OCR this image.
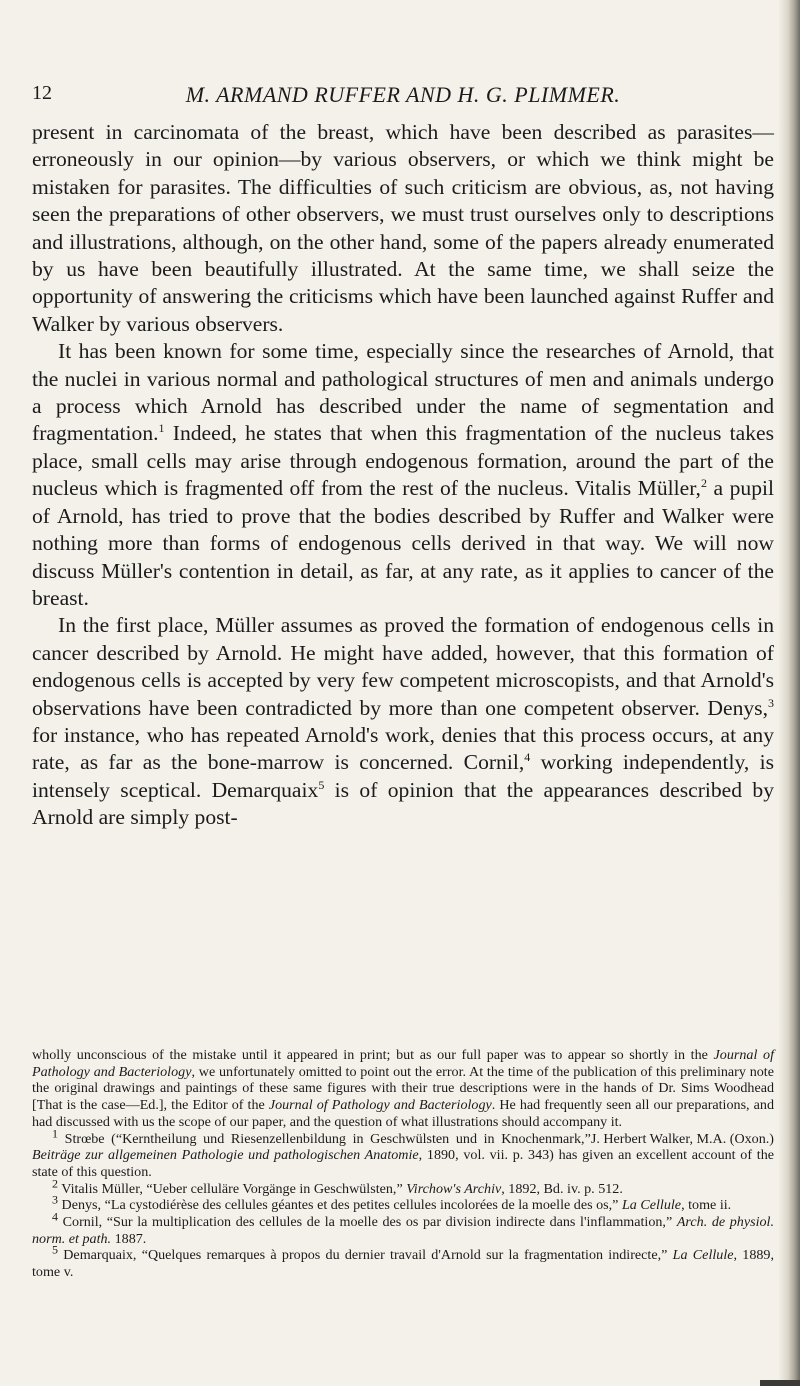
12	M. ARMAND RUFFER AND H. G. PLIMMER.

present in carcinomata of the breast, which have been described as parasites—erroneously in our opinion—by various observers, or which we think might be mistaken for parasites. The difficulties of such criticism are obvious, as, not having seen the preparations of other observers, we must trust ourselves only to descriptions and illustrations, although, on the other hand, some of the papers already enumerated by us have been beautifully illustrated. At the same time, we shall seize the opportunity of answering the criticisms which have been launched against Ruffer and Walker by various observers.

It has been known for some time, especially since the researches of Arnold, that the nuclei in various normal and pathological structures of men and animals undergo a process which Arnold has described under the name of segmentation and fragmentation.$^1$ Indeed, he states that when this fragmentation of the nucleus takes place, small cells may arise through endogenous formation, around the part of the nucleus which is fragmented off from the rest of the nucleus. Vitalis Müller,$^2$ a pupil of Arnold, has tried to prove that the bodies described by Ruffer and Walker were nothing more than forms of endogenous cells derived in that way. We will now discuss Müller's contention in detail, as far, at any rate, as it applies to cancer of the breast.

In the first place, Müller assumes as proved the formation of endogenous cells in cancer described by Arnold. He might have added, however, that this formation of endogenous cells is accepted by very few competent microscopists, and that Arnold's observations have been contradicted by more than one competent observer. Denys,$^3$ for instance, who has repeated Arnold's work, denies that this process occurs, at any rate, as far as the bone-marrow is concerned. Cornil,$^4$ working independently, is intensely sceptical. Demarquaix$^5$ is of opinion that the appearances described by Arnold are simply post-

wholly unconscious of the mistake until it appeared in print; but as our full paper was to appear so shortly in the Journal of Pathology and Bacteriology, we unfortunately omitted to point out the error. At the time of the publication of this preliminary note the original drawings and paintings of these same figures with their true descriptions were in the hands of Dr. Sims Woodhead [That is the case—Ed.], the Editor of the Journal of Pathology and Bacteriology. He had frequently seen all our preparations, and had discussed with us the scope of our paper, and the question of what illustrations should accompany it.
J. Herbert Walker, M.A. (Oxon.)

$^1$ Strœbe (“Kerntheilung und Riesenzellenbildung in Geschwülsten und in Knochenmark,” Beiträge zur allgemeinen Pathologie und pathologischen Anatomie, 1890, vol. vii. p. 343) has given an excellent account of the state of this question.

$^2$ Vitalis Müller, “Ueber celluläre Vorgänge in Geschwülsten,” Virchow's Archiv, 1892, Bd. iv. p. 512.

$^3$ Denys, “La cystodiérèse des cellules géantes et des petites cellules incolorées de la moelle des os,” La Cellule, tome ii.

$^4$ Cornil, “Sur la multiplication des cellules de la moelle des os par division indirecte dans l'inflammation,” Arch. de physiol. norm. et path. 1887.

$^5$ Demarquaix, “Quelques remarques à propos du dernier travail d'Arnold sur la fragmentation indirecte,” La Cellule, 1889, tome v.
